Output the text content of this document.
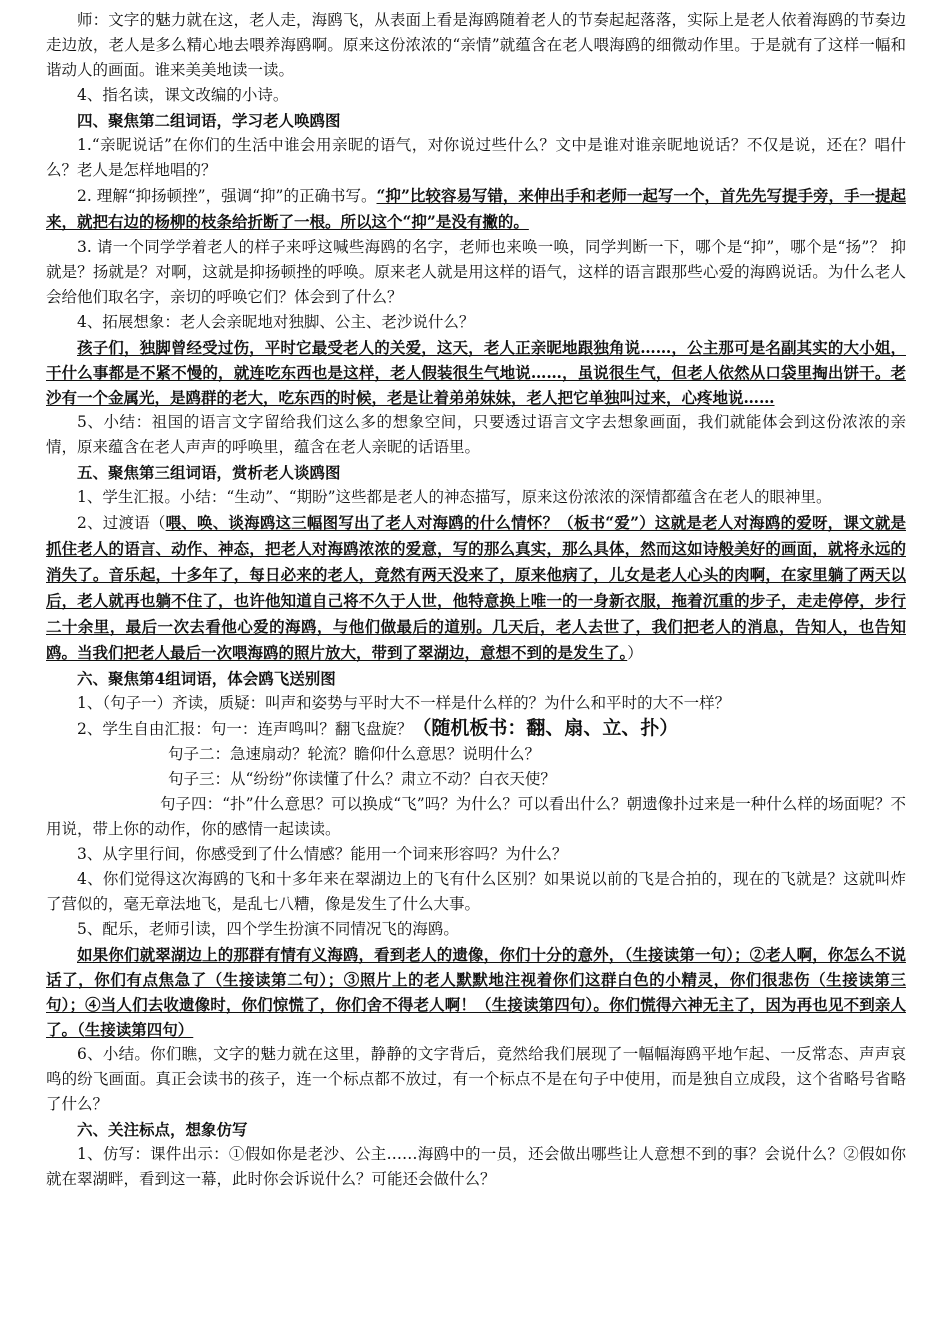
师：文字的魅力就在这，老人走，海鸥飞，从表面上看是海鸥随着老人的节奏起起落落，实际上是老人依着海鸥的节奏边走边放，老人是多么精心地去喂养海鸥啊。原来这份浓浓的“亲情”就蕴含在老人喂海鸥的细微动作里。于是就有了这样一幅和谐动人的画面。谁来美美地读一读。

4、指名读，课文改编的小诗。

四、聚焦第二组词语，学习老人唤鸥图

1.“亲昵说话”在你们的生活中谁会用亲昵的语气，对你说过些什么？文中是谁对谁亲昵地说话？不仅是说，还在？唱什么？老人是怎样地唱的？

2. 理解“抑扬顿挫”，强调“抑”的正确书写。“抑”比较容易写错，来伸出手和老师一起写一个，首先先写提手旁，手一提起来，就把右边的杨柳的枝条给折断了一根。所以这个“抑”是没有撇的。

3. 请一个同学学着老人的样子来呼这喊些海鸥的名字，老师也来唤一唤，同学判断一下，哪个是“抑”，哪个是“扬”？ 抑就是？扬就是？对啊，这就是抑扬顿挫的呼唤。原来老人就是用这样的语气，这样的语言跟那些心爱的海鸥说话。为什么老人会给他们取名字，亲切的呼唤它们？体会到了什么？

4、拓展想象：老人会亲昵地对独脚、公主、老沙说什么？

孩子们，独脚曾经受过伤，平时它最受老人的关爱，这天，老人正亲昵地跟独角说……，公主那可是名副其实的大小姐，干什么事都是不紧不慢的，就连吃东西也是这样，老人假装很生气地说……，虽说很生气，但老人依然从口袋里掏出饼干。老沙有一个金属光，是鸥群的老大，吃东西的时候，老是让着弟弟妹妹，老人把它单独叫过来，心疼地说……

5、小结：祖国的语言文字留给我们这么多的想象空间，只要透过语言文字去想象画面，我们就能体会到这份浓浓的亲情，原来蕴含在老人声声的呼唤里，蕴含在老人亲昵的话语里。

五、聚焦第三组词语，赏析老人谈鸥图

1、学生汇报。小结：“生动”、“期盼”这些都是老人的神态描写，原来这份浓浓的深情都蕴含在老人的眼神里。

2、过渡语（喂、唤、谈海鸥这三幅图写出了老人对海鸥的什么情怀？（板书“爱”）这就是老人对海鸥的爱呀，课文就是抓住老人的语言、动作、神态，把老人对海鸥浓浓的爱意，写的那么真实，那么具体，然而这如诗般美好的画面，就将永远的消失了。音乐起，十多年了，每日必来的老人，竟然有两天没来了，原来他病了，儿女是老人心头的肉啊，在家里躺了两天以后，老人就再也躺不住了，也许他知道自己将不久于人世，他特意换上唯一的一身新衣服，拖着沉重的步子，走走停停，步行二十余里，最后一次去看他心爱的海鸥，与他们做最后的道别。几天后，老人去世了，我们把老人的消息，告知人，也告知鸥。当我们把老人最后一次喂海鸥的照片放大，带到了翠湖边，意想不到的是发生了。）

六、聚焦第4组词语，体会鸥飞送别图

1、（句子一）齐读，质疑：叫声和姿势与平时大不一样是什么样的？为什么和平时的大不一样？

2、学生自由汇报：句一：连声鸣叫？翻飞盘旋？（随机板书：翻、扇、立、扑）

句子二：急速扇动？轮流？瞻仰什么意思？说明什么？

句子三：从“纷纷”你读懂了什么？肃立不动？白衣天使？

句子四：“扑”什么意思？可以换成“飞”吗？为什么？可以看出什么？朝遗像扑过来是一种什么样的场面呢？不用说，带上你的动作，你的感情一起读读。

3、从字里行间，你感受到了什么情感？能用一个词来形容吗？为什么？

4、你们觉得这次海鸥的飞和十多年来在翠湖边上的飞有什么区别？如果说以前的飞是合拍的，现在的飞就是？这就叫炸了营似的，毫无章法地飞，是乱七八糟，像是发生了什么大事。

5、配乐，老师引读，四个学生扮演不同情况飞的海鸥。

如果你们就翠湖边上的那群有情有义海鸥，看到老人的遗像，你们十分的意外，（生接读第一句）；②老人啊，你怎么不说话了，你们有点焦急了（生接读第二句）；③照片上的老人默默地注视着你们这群白色的小精灵，你们很悲伤（生接读第三句）；④当人们去收遗像时，你们惊慌了，你们舍不得老人啊！（生接读第四句）。你们慌得六神无主了，因为再也见不到亲人了。（生接读第四句）

6、小结。你们瞧，文字的魅力就在这里，静静的文字背后，竟然给我们展现了一幅幅海鸥平地乍起、一反常态、声声哀鸣的纷飞画面。真正会读书的孩子，连一个标点都不放过，有一个标点不是在句子中使用，而是独自立成段，这个省略号省略了什么？

六、关注标点，想象仿写

1、仿写：课件出示：①假如你是老沙、公主……海鸥中的一员，还会做出哪些让人意想不到的事？会说什么？②假如你就在翠湖畔，看到这一幕，此时你会诉说什么？可能还会做什么？
